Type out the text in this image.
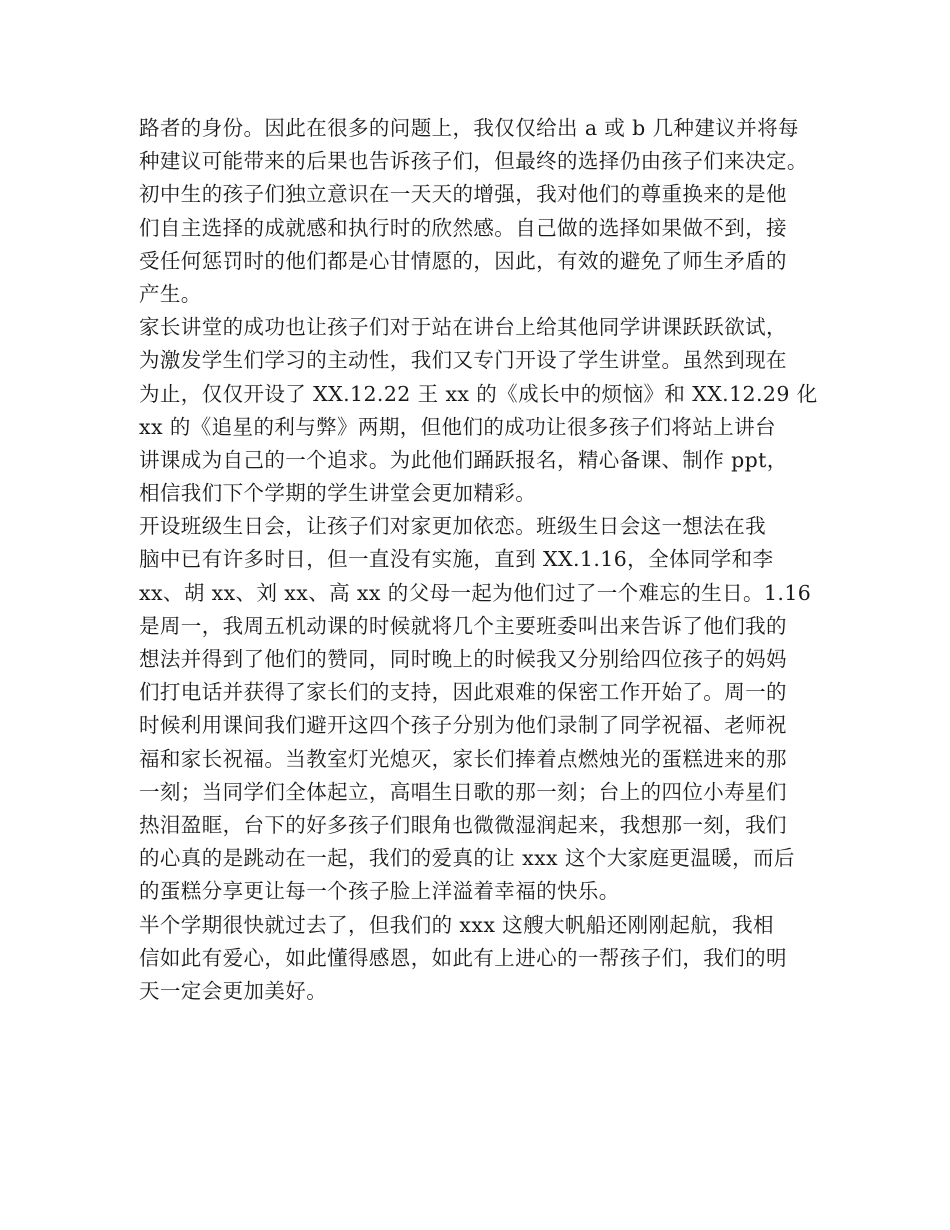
路者的身份。因此在很多的问题上，我仅仅给出 a 或 b 几种建议并将每
种建议可能带来的后果也告诉孩子们，但最终的选择仍由孩子们来决定。
初中生的孩子们独立意识在一天天的增强，我对他们的尊重换来的是他
们自主选择的成就感和执行时的欣然感。自己做的选择如果做不到，接
受任何惩罚时的他们都是心甘情愿的，因此，有效的避免了师生矛盾的
产生。
家长讲堂的成功也让孩子们对于站在讲台上给其他同学讲课跃跃欲试，
为激发学生们学习的主动性，我们又专门开设了学生讲堂。虽然到现在
为止，仅仅开设了 XX.12.22 王 xx 的《成长中的烦恼》和 XX.12.29 化
xx 的《追星的利与弊》两期，但他们的成功让很多孩子们将站上讲台
讲课成为自己的一个追求。为此他们踊跃报名，精心备课、制作 ppt，
相信我们下个学期的学生讲堂会更加精彩。
开设班级生日会，让孩子们对家更加依恋。班级生日会这一想法在我
脑中已有许多时日，但一直没有实施，直到 XX.1.16，全体同学和李
xx、胡 xx、刘 xx、高 xx 的父母一起为他们过了一个难忘的生日。1.16
是周一，我周五机动课的时候就将几个主要班委叫出来告诉了他们我的
想法并得到了他们的赞同，同时晚上的时候我又分别给四位孩子的妈妈
们打电话并获得了家长们的支持，因此艰难的保密工作开始了。周一的
时候利用课间我们避开这四个孩子分别为他们录制了同学祝福、老师祝
福和家长祝福。当教室灯光熄灭，家长们捧着点燃烛光的蛋糕进来的那
一刻；当同学们全体起立，高唱生日歌的那一刻；台上的四位小寿星们
热泪盈眶，台下的好多孩子们眼角也微微湿润起来，我想那一刻，我们
的心真的是跳动在一起，我们的爱真的让 xxx 这个大家庭更温暖，而后
的蛋糕分享更让每一个孩子脸上洋溢着幸福的快乐。
半个学期很快就过去了，但我们的 xxx 这艘大帆船还刚刚起航，我相
信如此有爱心，如此懂得感恩，如此有上进心的一帮孩子们，我们的明
天一定会更加美好。
